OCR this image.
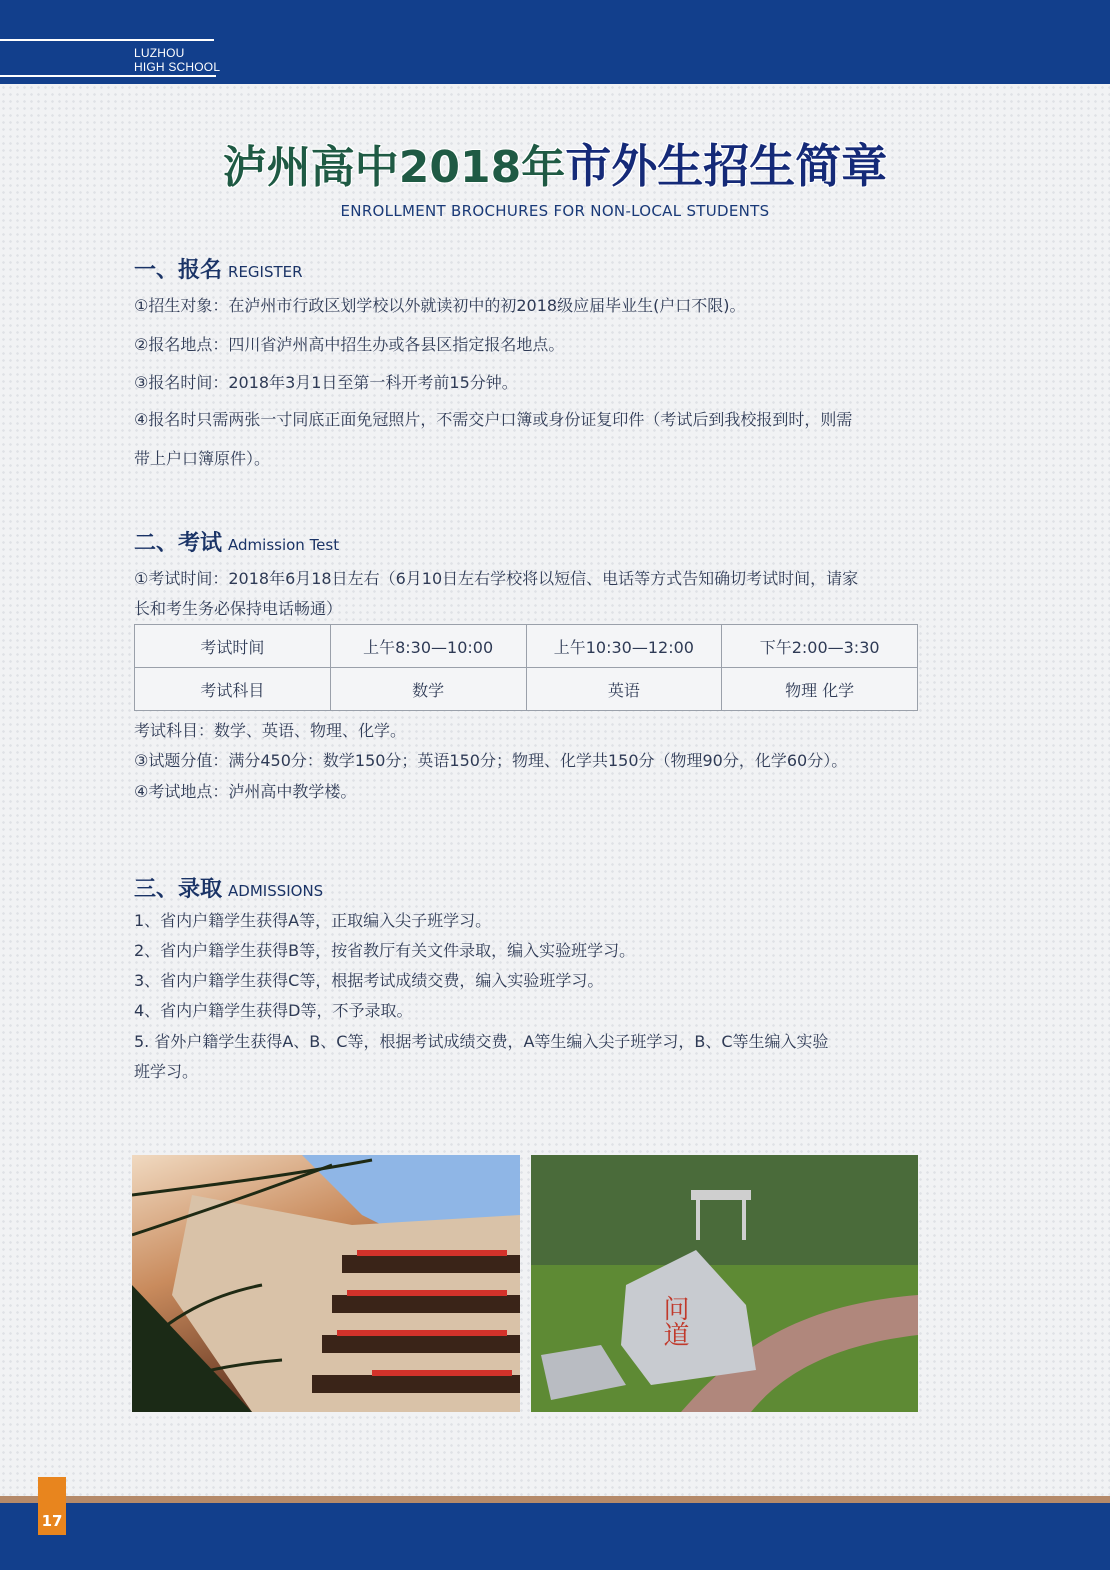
LUZHOU
HIGH SCHOOL
泸州高中2018年市外生招生简章
ENROLLMENT BROCHURES FOR NON-LOCAL STUDENTS
一、报名 REGISTER
①招生对象：在泸州市行政区划学校以外就读初中的初2018级应届毕业生(户口不限)。
②报名地点：四川省泸州高中招生办或各县区指定报名地点。
③报名时间：2018年3月1日至第一科开考前15分钟。
④报名时只需两张一寸同底正面免冠照片，不需交户口簿或身份证复印件（考试后到我校报到时，则需
带上户口簿原件）。
二、考试 Admission Test
①考试时间：2018年6月18日左右（6月10日左右学校将以短信、电话等方式告知确切考试时间，请家
长和考生务必保持电话畅通）
考试时间	上午8:30—10:00	上午10:30—12:00	下午2:00—3:30
考试科目	数学	英语	物理 化学
考试科目：数学、英语、物理、化学。
③试题分值：满分450分：数学150分；英语150分；物理、化学共150分（物理90分，化学60分）。
④考试地点：泸州高中教学楼。
三、录取 ADMISSIONS
1、省内户籍学生获得A等，正取编入尖子班学习。
2、省内户籍学生获得B等，按省教厅有关文件录取，编入实验班学习。
3、省内户籍学生获得C等，根据考试成绩交费，编入实验班学习。
4、省内户籍学生获得D等，不予录取。
5. 省外户籍学生获得A、B、C等，根据考试成绩交费，A等生编入尖子班学习，B、C等生编入实验
班学习。
问道
17
